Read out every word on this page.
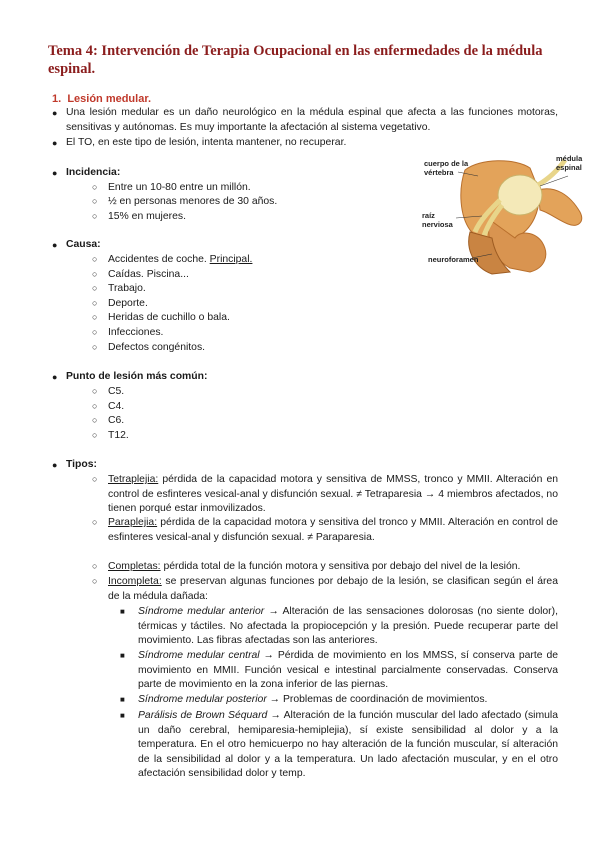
Tema 4: Intervención de Terapia Ocupacional en las enfermedades de la médula espinal.
1. Lesión medular.
● Una lesión medular es un daño neurológico en la médula espinal que afecta a las funciones motoras, sensitivas y autónomas. Es muy importante la afectación al sistema vegetativo.
● El TO, en este tipo de lesión, intenta mantener, no recuperar.
● Incidencia:
○ Entre un 10-80 entre un millón.
○ ½ en personas menores de 30 años.
○ 15% en mujeres.
● Causa:
○ Accidentes de coche. Principal.
○ Caídas. Piscina...
○ Trabajo.
○ Deporte.
○ Heridas de cuchillo o bala.
○ Infecciones.
○ Defectos congénitos.
● Punto de lesión más común:
○ C5.
○ C4.
○ C6.
○ T12.
● Tipos:
○ Tetraplejia: pérdida de la capacidad motora y sensitiva de MMSS, tronco y MMII. Alteración en control de esfinteres vesical-anal y disfunción sexual. ≠ Tetraparesia → 4 miembros afectados, no tienen porqué estar inmovilizados.
○ Paraplejia: pérdida de la capacidad motora y sensitiva del tronco y MMII. Alteración en control de esfinteres vesical-anal y disfunción sexual. ≠ Paraparesia.
○ Completas: pérdida total de la función motora y sensitiva por debajo del nivel de la lesión.
○ Incompleta: se preservan algunas funciones por debajo de la lesión, se clasifican según el área de la médula dañada:
■ Síndrome medular anterior → Alteración de las sensaciones dolorosas (no siente dolor), térmicas y táctiles. No afectada la propiocepción y la presión. Puede recuperar parte del movimiento. Las fibras afectadas son las anteriores.
■ Síndrome medular central → Pérdida de movimiento en los MMSS, sí conserva parte de movimiento en MMII. Función vesical e intestinal parcialmente conservadas. Conserva parte de movimiento en la zona inferior de las piernas.
■ Síndrome medular posterior → Problemas de coordinación de movimientos.
■ Parálisis de Brown Séquard → Alteración de la función muscular del lado afectado (simula un daño cerebral, hemiparesia-hemiplejia), sí existe sensibilidad al dolor y a la temperatura. En el otro hemicuerpo no hay alteración de la función muscular, sí alteración de la sensibilidad al dolor y a la temperatura. Un lado afectación muscular, y en el otro afectación sensibilidad dolor y temp.
cuerpo de la vértebra
médula espinal
raíz nerviosa
neuroforamen
